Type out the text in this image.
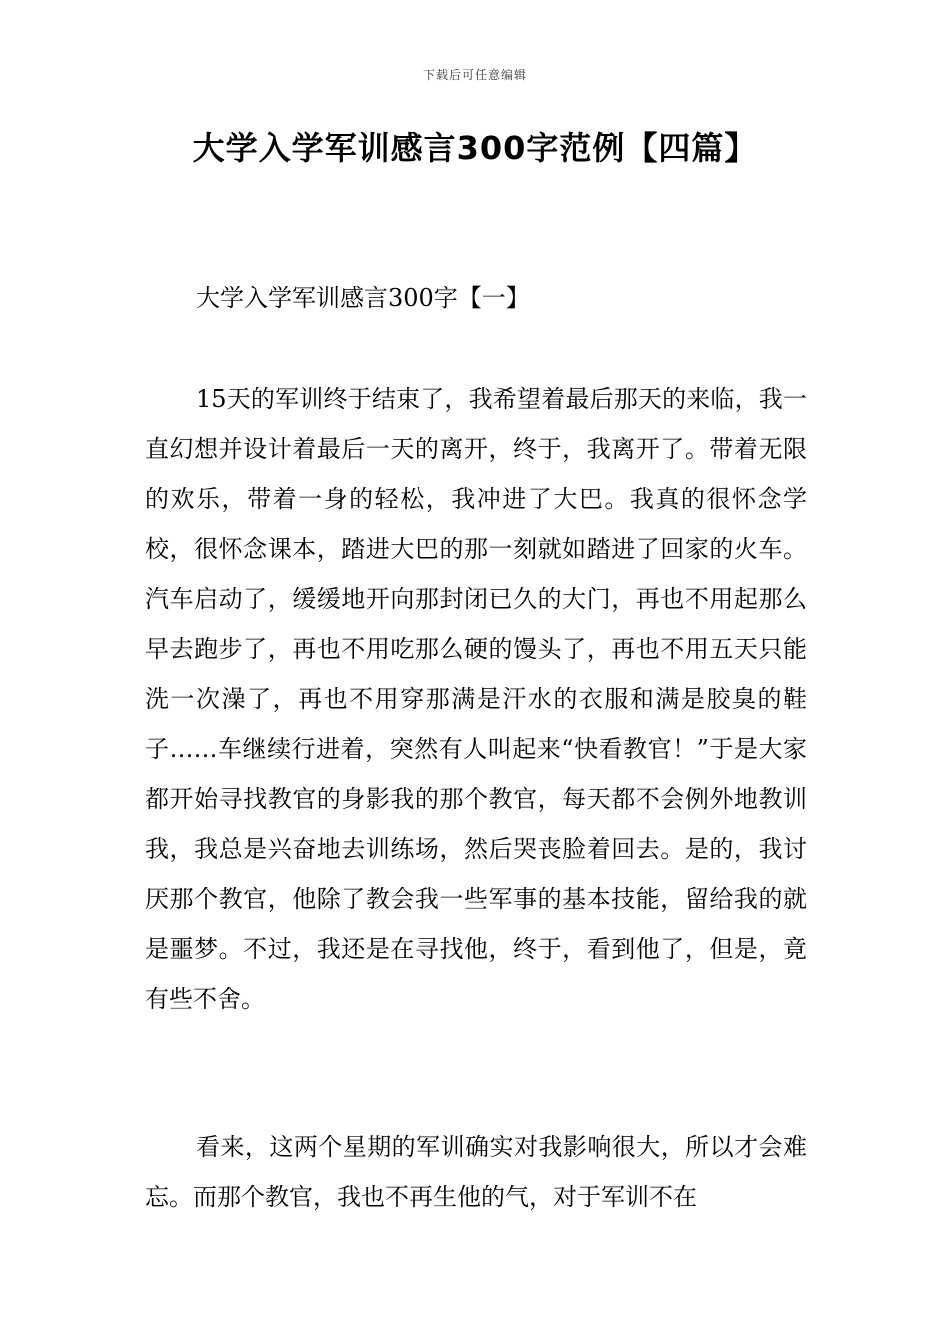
下载后可任意编辑
大学入学军训感言300字范例【四篇】
大学入学军训感言300字【一】

15天的军训终于结束了，我希望着最后那天的来临，我一直幻想并设计着最后一天的离开，终于，我离开了。带着无限的欢乐，带着一身的轻松，我冲进了大巴。我真的很怀念学校，很怀念课本，踏进大巴的那一刻就如踏进了回家的火车。汽车启动了，缓缓地开向那封闭已久的大门，再也不用起那么早去跑步了，再也不用吃那么硬的馒头了，再也不用五天只能洗一次澡了，再也不用穿那满是汗水的衣服和满是胶臭的鞋子……车继续行进着，突然有人叫起来“快看教官！”于是大家都开始寻找教官的身影我的那个教官，每天都不会例外地教训我，我总是兴奋地去训练场，然后哭丧脸着回去。是的，我讨厌那个教官，他除了教会我一些军事的基本技能，留给我的就是噩梦。不过，我还是在寻找他，终于，看到他了，但是，竟有些不舍。

看来，这两个星期的军训确实对我影响很大，所以才会难忘。而那个教官，我也不再生他的气，对于军训不在
